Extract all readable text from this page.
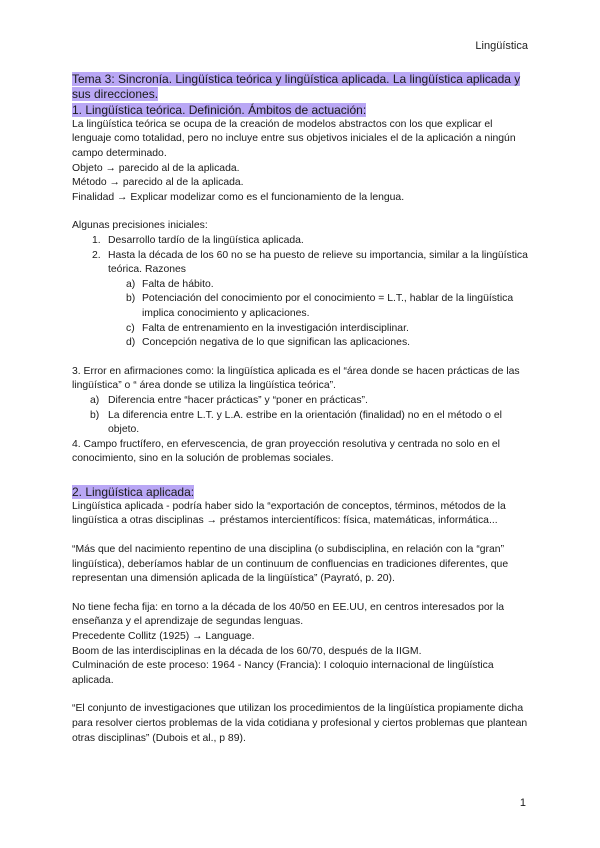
Lingüística
Tema 3: Sincronía. Lingüística teórica y lingüística aplicada. La lingüística aplicada y sus direcciones.
1. Lingüística teórica. Definición. Ámbitos de actuación:

La lingüística teórica se ocupa de la creación de modelos abstractos con los que explicar el lenguaje como totalidad, pero no incluye entre sus objetivos iniciales el de la aplicación a ningún campo determinado.

Objeto → parecido al de la aplicada.

Método → parecido al de la aplicada.

Finalidad → Explicar modelizar como es el funcionamiento de la lengua.

Algunas precisiones iniciales:

1. Desarrollo tardío de la lingüística aplicada.
2. Hasta la década de los 60 no se ha puesto de relieve su importancia, similar a la lingüística teórica. Razones
a) Falta de hábito.
b) Potenciación del conocimiento por el conocimiento = L.T., hablar de la lingüística implica conocimiento y aplicaciones.
c) Falta de entrenamiento en la investigación interdisciplinar.
d) Concepción negativa de lo que significan las aplicaciones.

3. Error en afirmaciones como: la lingüística aplicada es el “área donde se hacen prácticas de las lingüística” o “ área donde se utiliza la lingüística teórica”.

a) Diferencia entre “hacer prácticas” y “poner en prácticas”.
b) La diferencia entre L.T. y L.A. estribe en la orientación (finalidad) no en el método o el objeto.

4. Campo fructífero, en efervescencia, de gran proyección resolutiva y centrada no solo en el conocimiento, sino en la solución de problemas sociales.

2. Lingüística aplicada:

Lingüística aplicada - podría haber sido la “exportación de conceptos, términos, métodos de la lingüística a otras disciplinas → préstamos intercientíficos: física, matemáticas, informática...

“Más que del nacimiento repentino de una disciplina (o subdisciplina, en relación con la “gran” lingüística), deberíamos hablar de un continuum de confluencias en tradiciones diferentes, que representan una dimensión aplicada de la lingüística” (Payrató, p. 20).

No tiene fecha fija: en torno a la década de los 40/50 en EE.UU, en centros interesados por la enseñanza y el aprendizaje de segundas lenguas.

Precedente Collitz (1925) → Language.

Boom de las interdisciplinas en la década de los 60/70, después de la IIGM.

Culminación de este proceso: 1964 - Nancy (Francia): I coloquio internacional de lingüística aplicada.

“El conjunto de investigaciones que utilizan los procedimientos de la lingüística propiamente dicha para resolver ciertos problemas de la vida cotidiana y profesional y ciertos problemas que plantean otras disciplinas” (Dubois et al., p 89).

1
